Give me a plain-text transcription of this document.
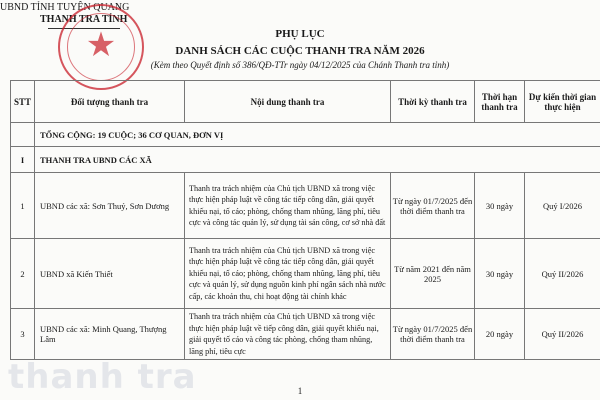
UBND TỈNH TUYÊN QUANG
THANH TRA TỈNH
★	PHỤ LỤC
DANH SÁCH CÁC CUỘC THANH TRA NĂM 2026
(Kèm theo Quyết định số 386/QĐ-TTr ngày 04/12/2025 của Chánh Thanh tra tỉnh)
STT	Đối tượng thanh tra	Nội dung thanh tra	Thời kỳ thanh tra	Thời hạn thanh tra	Dự kiến thời gian thực hiện
	TỔNG CỘNG: 19 CUỘC; 36 CƠ QUAN, ĐƠN VỊ				
I	THANH TRA UBND CÁC XÃ				
1	UBND các xã: Sơn Thuỷ, Sơn Dương	Thanh tra trách nhiệm của Chủ tịch UBND xã trong việc thực hiện pháp luật về công tác tiếp công dân, giải quyết khiếu nại, tố cáo; phòng, chống tham nhũng, lãng phí, tiêu cực và công tác quản lý, sử dụng tài sản công, cơ sở nhà đất	Từ ngày 01/7/2025 đến thời điểm thanh tra	30 ngày	Quý I/2026
2	UBND xã Kiến Thiết	Thanh tra trách nhiệm của Chủ tịch UBND xã trong việc thực hiện pháp luật về công tác tiếp công dân, giải quyết khiếu nại, tố cáo; phòng, chống tham nhũng, lãng phí, tiêu cực và quản lý, sử dụng nguồn kinh phí ngân sách nhà nước cấp, các khoản thu, chi hoạt động tài chính khác	Từ năm 2021 đến năm 2025	30 ngày	Quý II/2026
3	UBND các xã: Minh Quang, Thượng Lâm	Thanh tra trách nhiệm của Chủ tịch UBND xã trong việc thực hiện pháp luật về tiếp công dân, giải quyết khiếu nại, giải quyết tố cáo và công tác phòng, chống tham nhũng, lãng phí, tiêu cực	Từ ngày 01/7/2025 đến thời điểm thanh tra	20 ngày	Quý II/2026
thanh tra	1
